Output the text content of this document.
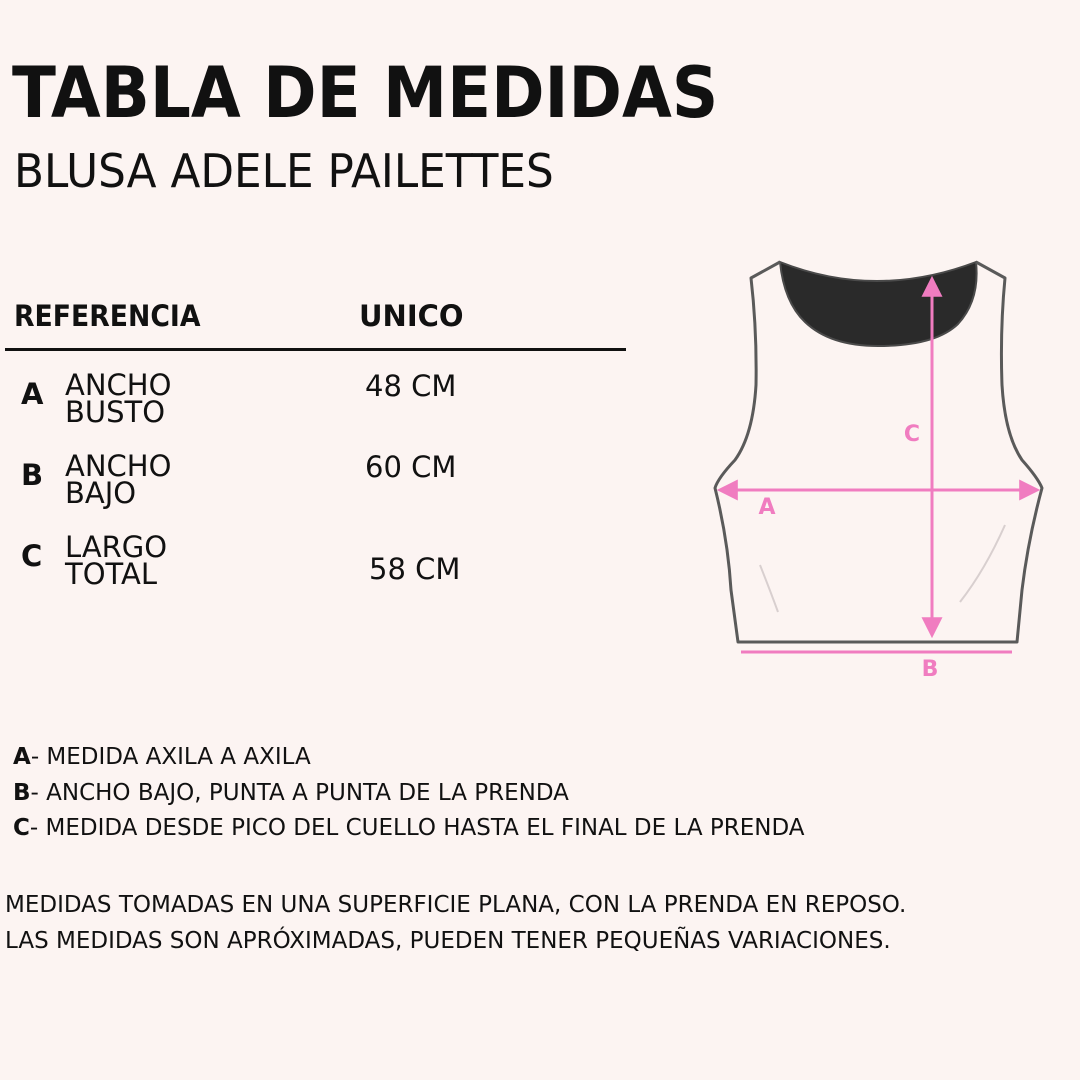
TABLA DE MEDIDAS
BLUSA ADELE PAILETTES
REFERENCIA	UNICO
A ANCHO
BUSTO
48 CM
B ANCHO
BAJO
60 CM
C LARGO
TOTAL	58 CM
C
A
B
A- MEDIDA AXILA A AXILA
B- ANCHO BAJO, PUNTA A PUNTA DE LA PRENDA
C- MEDIDA DESDE PICO DEL CUELLO HASTA EL FINAL DE LA PRENDA
MEDIDAS TOMADAS EN UNA SUPERFICIE PLANA, CON LA PRENDA EN REPOSO.
LAS MEDIDAS SON APRÓXIMADAS, PUEDEN TENER PEQUEÑAS VARIACIONES.
